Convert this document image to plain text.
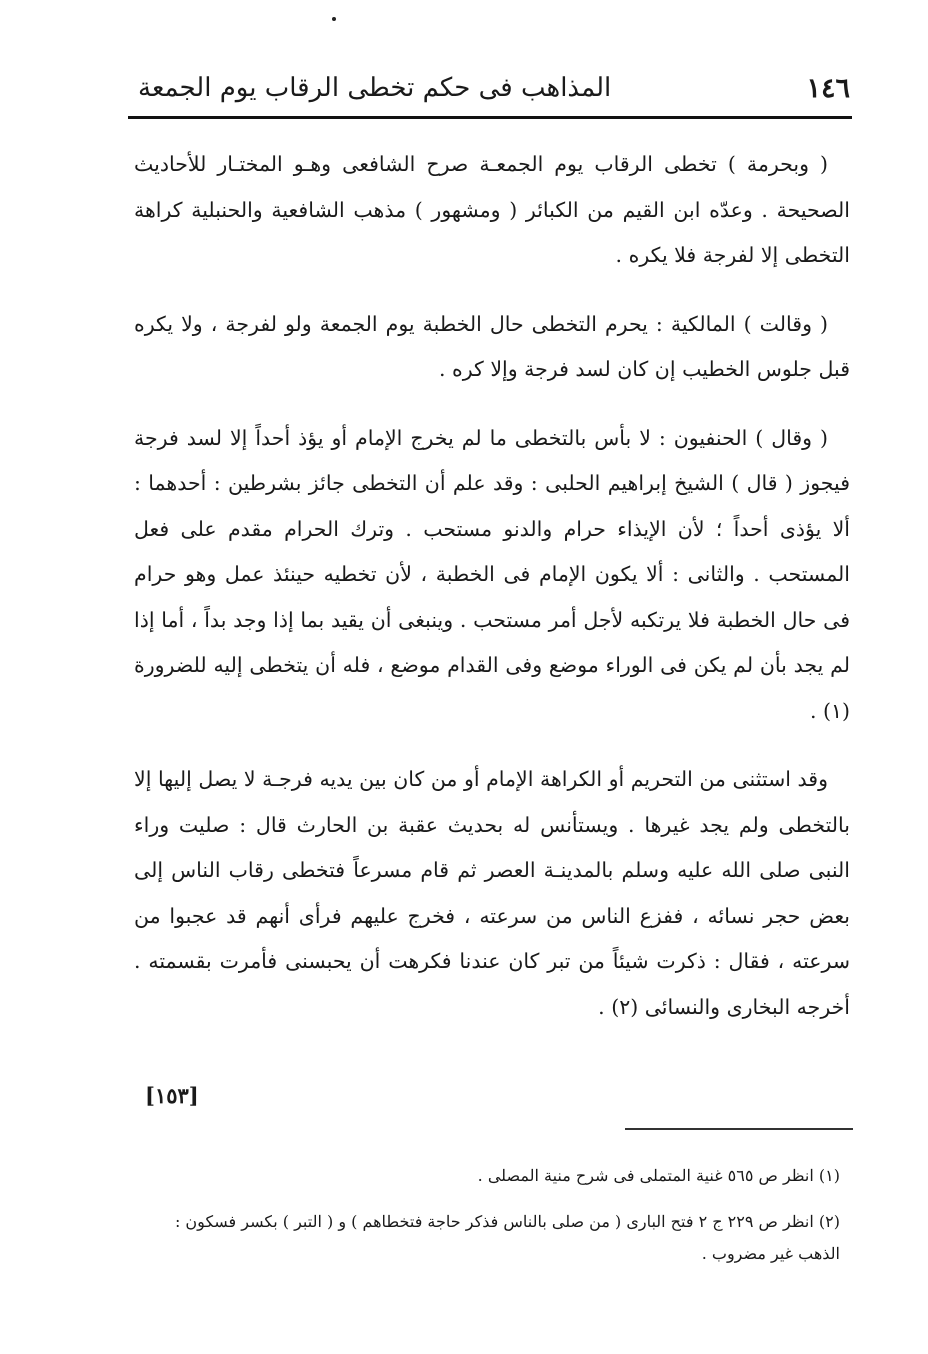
١٤٦
المذاهب فى حكم تخطى الرقاب يوم الجمعة

( وبحرمة ) تخطى الرقاب يوم الجمعـة صرح الشافعى وهـو المختـار للأحاديث الصحيحة . وعدّه ابن القيم من الكبائر ( ومشهور ) مذهب الشافعية والحنبلية كراهة التخطى إلا لفرجة فلا يكره .

( وقالت ) المالكية : يحرم التخطى حال الخطبة يوم الجمعة ولو لفرجة ، ولا يكره قبل جلوس الخطيب إن كان لسد فرجة وإلا كره .

( وقال ) الحنفيون : لا بأس بالتخطى ما لم يخرج الإمام أو يؤذ أحداً إلا لسد فرجة فيجوز ( قال ) الشيخ إبراهيم الحلبى : وقد علم أن التخطى جائز بشرطين : أحدهما : ألا يؤذى أحداً ؛ لأن الإيذاء حرام والدنو مستحب . وترك الحرام مقدم على فعل المستحب . والثانى : ألا يكون الإمام فى الخطبة ، لأن تخطيه حينئذ عمل وهو حرام فى حال الخطبة فلا يرتكبه لأجل أمر مستحب . وينبغى أن يقيد بما إذا وجد بداً ، أما إذا لم يجد بأن لم يكن فى الوراء موضع وفى القدام موضع ، فله أن يتخطى إليه للضرورة (١) .

وقد استثنى من التحريم أو الكراهة الإمام أو من كان بين يديه فرجـة لا يصل إليها إلا بالتخطى ولم يجد غيرها . ويستأنس له بحديث عقبة بن الحارث قال : صليت وراء النبى صلى الله عليه وسلم بالمدينـة العصر ثم قام مسرعاً فتخطى رقاب الناس إلى بعض حجر نسائه ، ففزع الناس من سرعته ، فخرج عليهم فرأى أنهم قد عجبوا من سرعته ، فقال : ذكرت شيئاً من تبر كان عندنا فكرهت أن يحبسنى فأمرت بقسمته . أخرجه البخارى والنسائى (٢) .

[١٥٣]

(١) انظر ص ٥٦٥ غنية المتملى فى شرح منية المصلى .

(٢) انظر ص ٢٢٩ ج ٢ فتح البارى ( من صلى بالناس فذكر حاجة فتخطاهم ) و ( التبر ) بكسر فسكون : الذهب غير مضروب .
